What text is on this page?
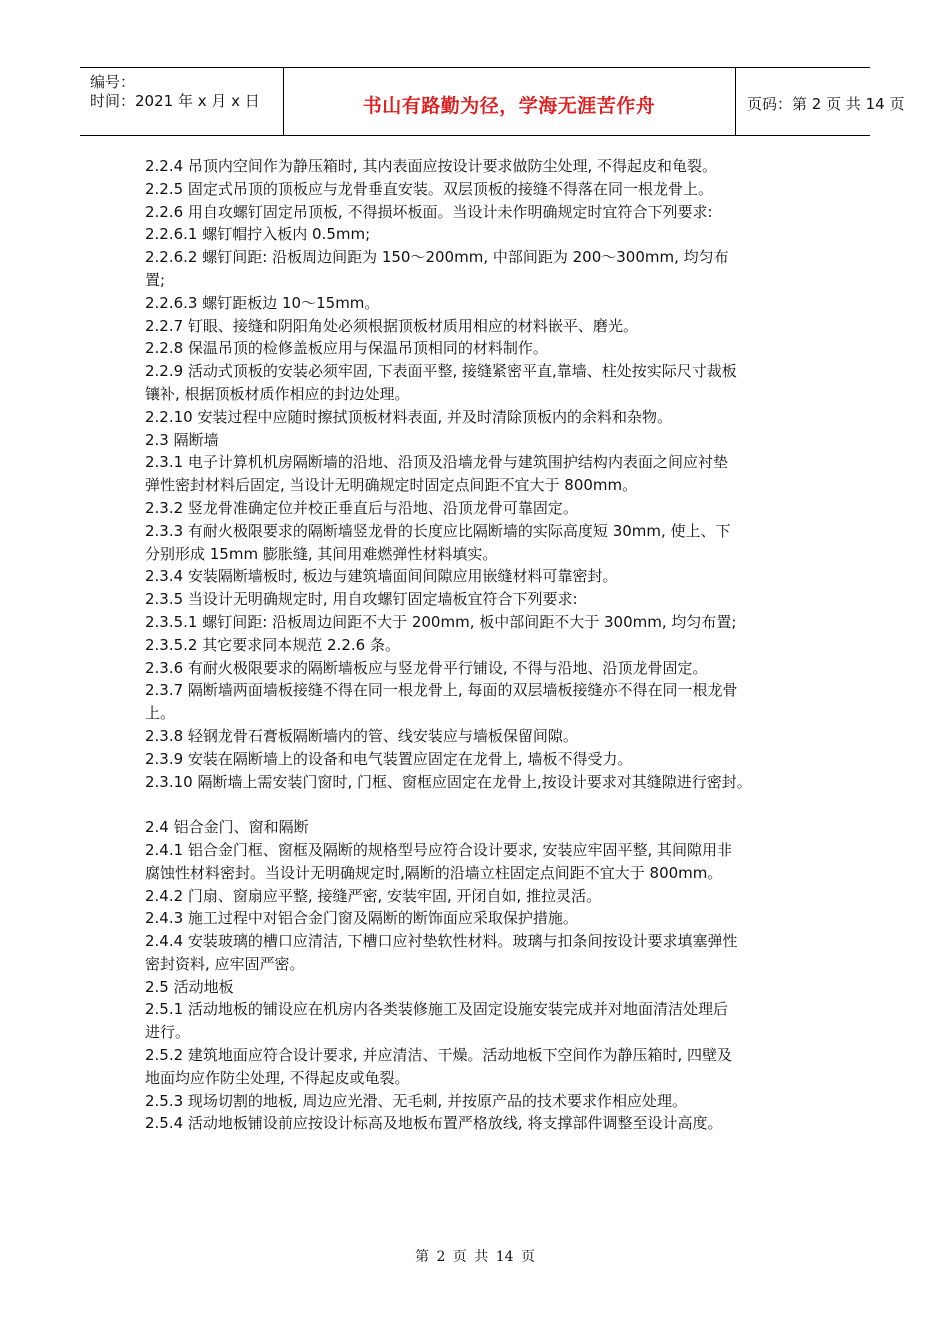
编号：
时间：2021 年 x 月 x 日	书山有路勤为径，学海无涯苦作舟	页码：第 2 页 共 14 页

2.2.4 吊顶内空间作为静压箱时, 其内表面应按设计要求做防尘处理, 不得起皮和龟裂。

2.2.5 固定式吊顶的顶板应与龙骨垂直安装。双层顶板的接缝不得落在同一根龙骨上。

2.2.6 用自攻螺钉固定吊顶板, 不得损坏板面。当设计未作明确规定时宜符合下列要求:

2.2.6.1 螺钉帽拧入板内 0.5mm;

2.2.6.2 螺钉间距: 沿板周边间距为 150～200mm, 中部间距为 200～300mm, 均匀布

置;

2.2.6.3 螺钉距板边 10～15mm。

2.2.7 钉眼、接缝和阴阳角处必须根据顶板材质用相应的材料嵌平、磨光。

2.2.8 保温吊顶的检修盖板应用与保温吊顶相同的材料制作。

2.2.9 活动式顶板的安装必须牢固, 下表面平整, 接缝紧密平直,靠墙、柱处按实际尺寸裁板

镶补, 根据顶板材质作相应的封边处理。

2.2.10 安装过程中应随时擦拭顶板材料表面, 并及时清除顶板内的余料和杂物。

2.3 隔断墙

2.3.1 电子计算机机房隔断墙的沿地、沿顶及沿墙龙骨与建筑围护结构内表面之间应衬垫

弹性密封材料后固定, 当设计无明确规定时固定点间距不宜大于 800mm。

2.3.2 竖龙骨准确定位并校正垂直后与沿地、沿顶龙骨可靠固定。

2.3.3 有耐火极限要求的隔断墙竖龙骨的长度应比隔断墙的实际高度短 30mm, 使上、下

分别形成 15mm 膨胀缝, 其间用难燃弹性材料填实。

2.3.4 安装隔断墙板时, 板边与建筑墙面间间隙应用嵌缝材料可靠密封。

2.3.5 当设计无明确规定时, 用自攻螺钉固定墙板宜符合下列要求:

2.3.5.1 螺钉间距: 沿板周边间距不大于 200mm, 板中部间距不大于 300mm, 均匀布置;

2.3.5.2 其它要求同本规范 2.2.6 条。

2.3.6 有耐火极限要求的隔断墙板应与竖龙骨平行铺设, 不得与沿地、沿顶龙骨固定。

2.3.7 隔断墙两面墙板接缝不得在同一根龙骨上, 每面的双层墙板接缝亦不得在同一根龙骨

上。

2.3.8 轻钢龙骨石膏板隔断墙内的管、线安装应与墙板保留间隙。

2.3.9 安装在隔断墙上的设备和电气装置应固定在龙骨上, 墙板不得受力。

2.3.10 隔断墙上需安装门窗时, 门框、窗框应固定在龙骨上,按设计要求对其缝隙进行密封。

2.4 铝合金门、窗和隔断

2.4.1 铝合金门框、窗框及隔断的规格型号应符合设计要求, 安装应牢固平整, 其间隙用非

腐蚀性材料密封。当设计无明确规定时,隔断的沿墙立柱固定点间距不宜大于 800mm。

2.4.2 门扇、窗扇应平整, 接缝严密, 安装牢固, 开闭自如, 推拉灵活。

2.4.3 施工过程中对铝合金门窗及隔断的断饰面应采取保护措施。

2.4.4 安装玻璃的槽口应清洁, 下槽口应衬垫软性材料。玻璃与扣条间按设计要求填塞弹性

密封资料, 应牢固严密。

2.5 活动地板

2.5.1 活动地板的铺设应在机房内各类装修施工及固定设施安装完成并对地面清洁处理后

进行。

2.5.2 建筑地面应符合设计要求, 并应清洁、干燥。活动地板下空间作为静压箱时, 四壁及

地面均应作防尘处理, 不得起皮或龟裂。

2.5.3 现场切割的地板, 周边应光滑、无毛刺, 并按原产品的技术要求作相应处理。

2.5.4 活动地板铺设前应按设计标高及地板布置严格放线, 将支撑部件调整至设计高度。

第 2 页 共 14 页
